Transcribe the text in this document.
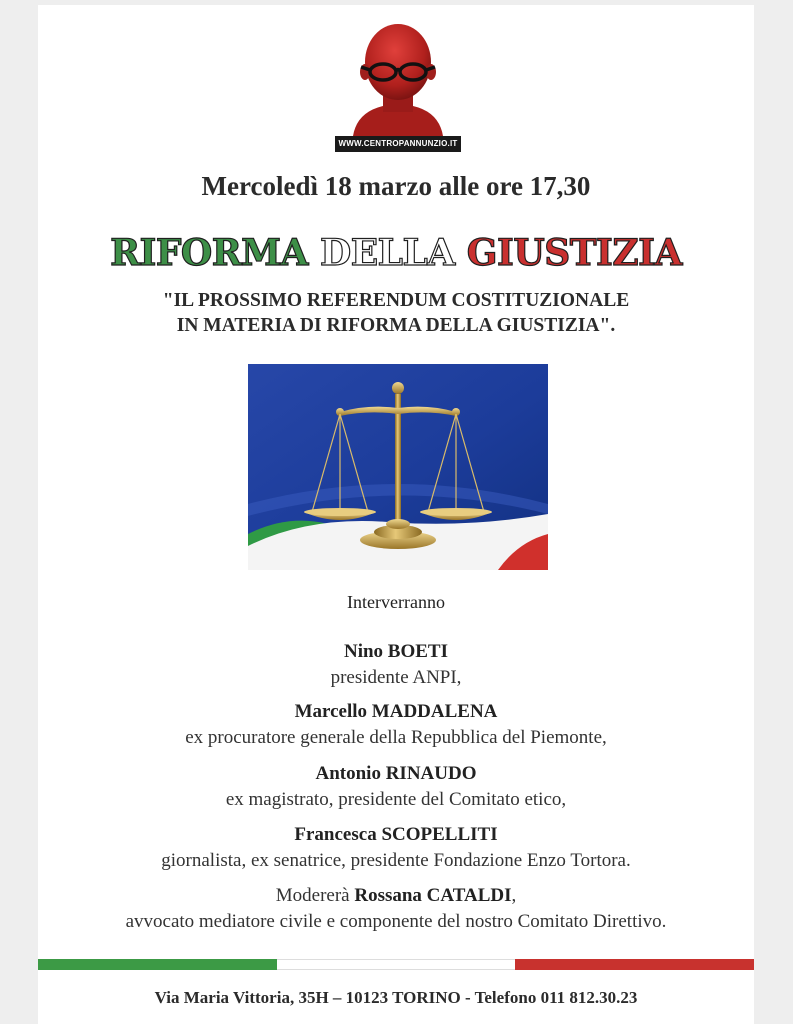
WWW.CENTROPANNUNZIO.IT
Mercoledì 18 marzo alle ore 17,30
RIFORMA DELLA GIUSTIZIA
"IL PROSSIMO REFERENDUM COSTITUZIONALE
IN MATERIA DI RIFORMA DELLA GIUSTIZIA".
Interverranno
Nino BOETI
presidente ANPI,
Marcello MADDALENA
ex procuratore generale della Repubblica del Piemonte,
Antonio RINAUDO
ex magistrato, presidente del Comitato etico,
Francesca SCOPELLITI
giornalista, ex senatrice, presidente Fondazione Enzo Tortora.
Modererà Rossana CATALDI,
avvocato mediatore civile e componente del nostro Comitato Direttivo.
Via Maria Vittoria, 35H – 10123 TORINO - Telefono 011 812.30.23
